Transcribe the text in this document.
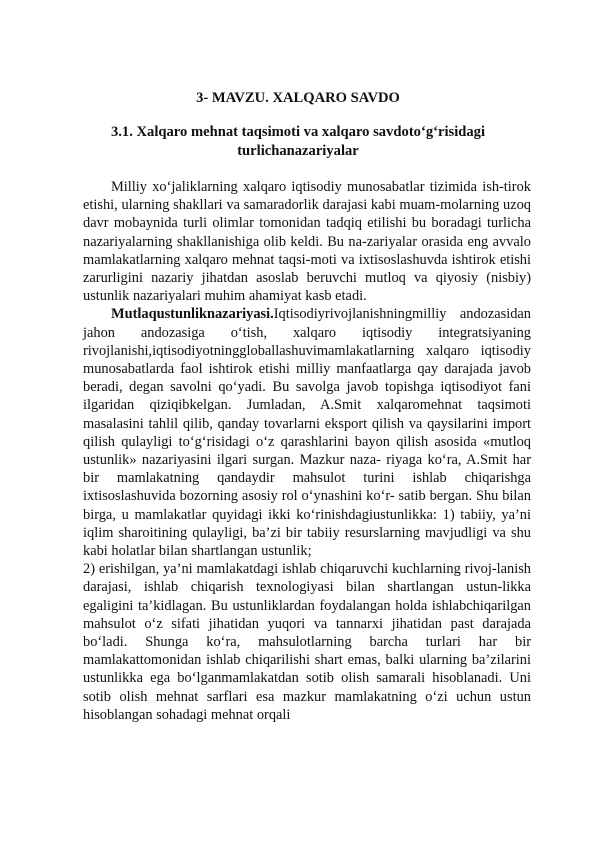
3- MAVZU. XALQARO SAVDO
3.1. Xalqaro mehnat taqsimoti va xalqaro savdoto‘g‘risidagi turlichanazariyalar

Milliy xo‘jaliklarning xalqaro iqtisodiy munosabatlar tizimida ish-tirok etishi, ularning shakllari va samaradorlik darajasi kabi muam-molarning uzoq davr mobaynida turli olimlar tomonidan tadqiq etilishi bu boradagi turlicha nazariyalarning shakllanishiga olib keldi. Bu na-zariyalar orasida eng avvalo mamlakatlarning xalqaro mehnat taqsi-moti va ixtisoslashuvda ishtirok etishi zarurligini nazariy jihatdan asoslab beruvchi mutloq va qiyosiy (nisbiy) ustunlik nazariyalari muhim ahamiyat kasb etadi.

Mutlaqustunliknazariyasi.Iqtisodiyrivojlanishningmilliy andozasidan jahon andozasiga o‘tish, xalqaro iqtisodiy integratsiyaning rivojlanishi,iqtisodiyotninggloballashuvimamlakatlarning xalqaro iqtisodiy munosabatlarda faol ishtirok etishi milliy manfaatlarga qay darajada javob beradi, degan savolni qo‘yadi. Bu savolga javob topishga iqtisodiyot fani ilgaridan qiziqibkelgan. Jumladan, A.Smit xalqaromehnat taqsimoti masalasini tahlil qilib, qanday tovarlarni eksport qilish va qaysilarini import qilish qulayligi to‘g‘risidagi o‘z qarashlarini bayon qilish asosida «mutloq ustunlik» nazariyasini ilgari surgan. Mazkur naza- riyaga ko‘ra, A.Smit har bir mamlakatning qandaydir mahsulot turini ishlab chiqarishga ixtisoslashuvida bozorning asosiy rol o‘ynashini ko‘r- satib bergan. Shu bilan birga, u mamlakatlar quyidagi ikki ko‘rinishdagiustunlikka: 1) tabiiy, ya’ni iqlim sharoitining qulayligi, ba’zi bir tabiiy resurslarning mavjudligi va shu kabi holatlar bilan shartlangan ustunlik;

2) erishilgan, ya’ni mamlakatdagi ishlab chiqaruvchi kuchlarning rivoj-lanish darajasi, ishlab chiqarish texnologiyasi bilan shartlangan ustun-likka egaligini ta’kidlagan. Bu ustunliklardan foydalangan holda ishlabchiqarilgan mahsulot o‘z sifati jihatidan yuqori va tannarxi jihatidan past darajada bo‘ladi. Shunga ko‘ra, mahsulotlarning barcha turlari har bir mamlakattomonidan ishlab chiqarilishi shart emas, balki ularning ba’zilarini ustunlikka ega bo‘lganmamlakatdan sotib olish samarali hisoblanadi. Uni sotib olish mehnat sarflari esa mazkur mamlakatning o‘zi uchun ustun hisoblangan sohadagi mehnat orqali
